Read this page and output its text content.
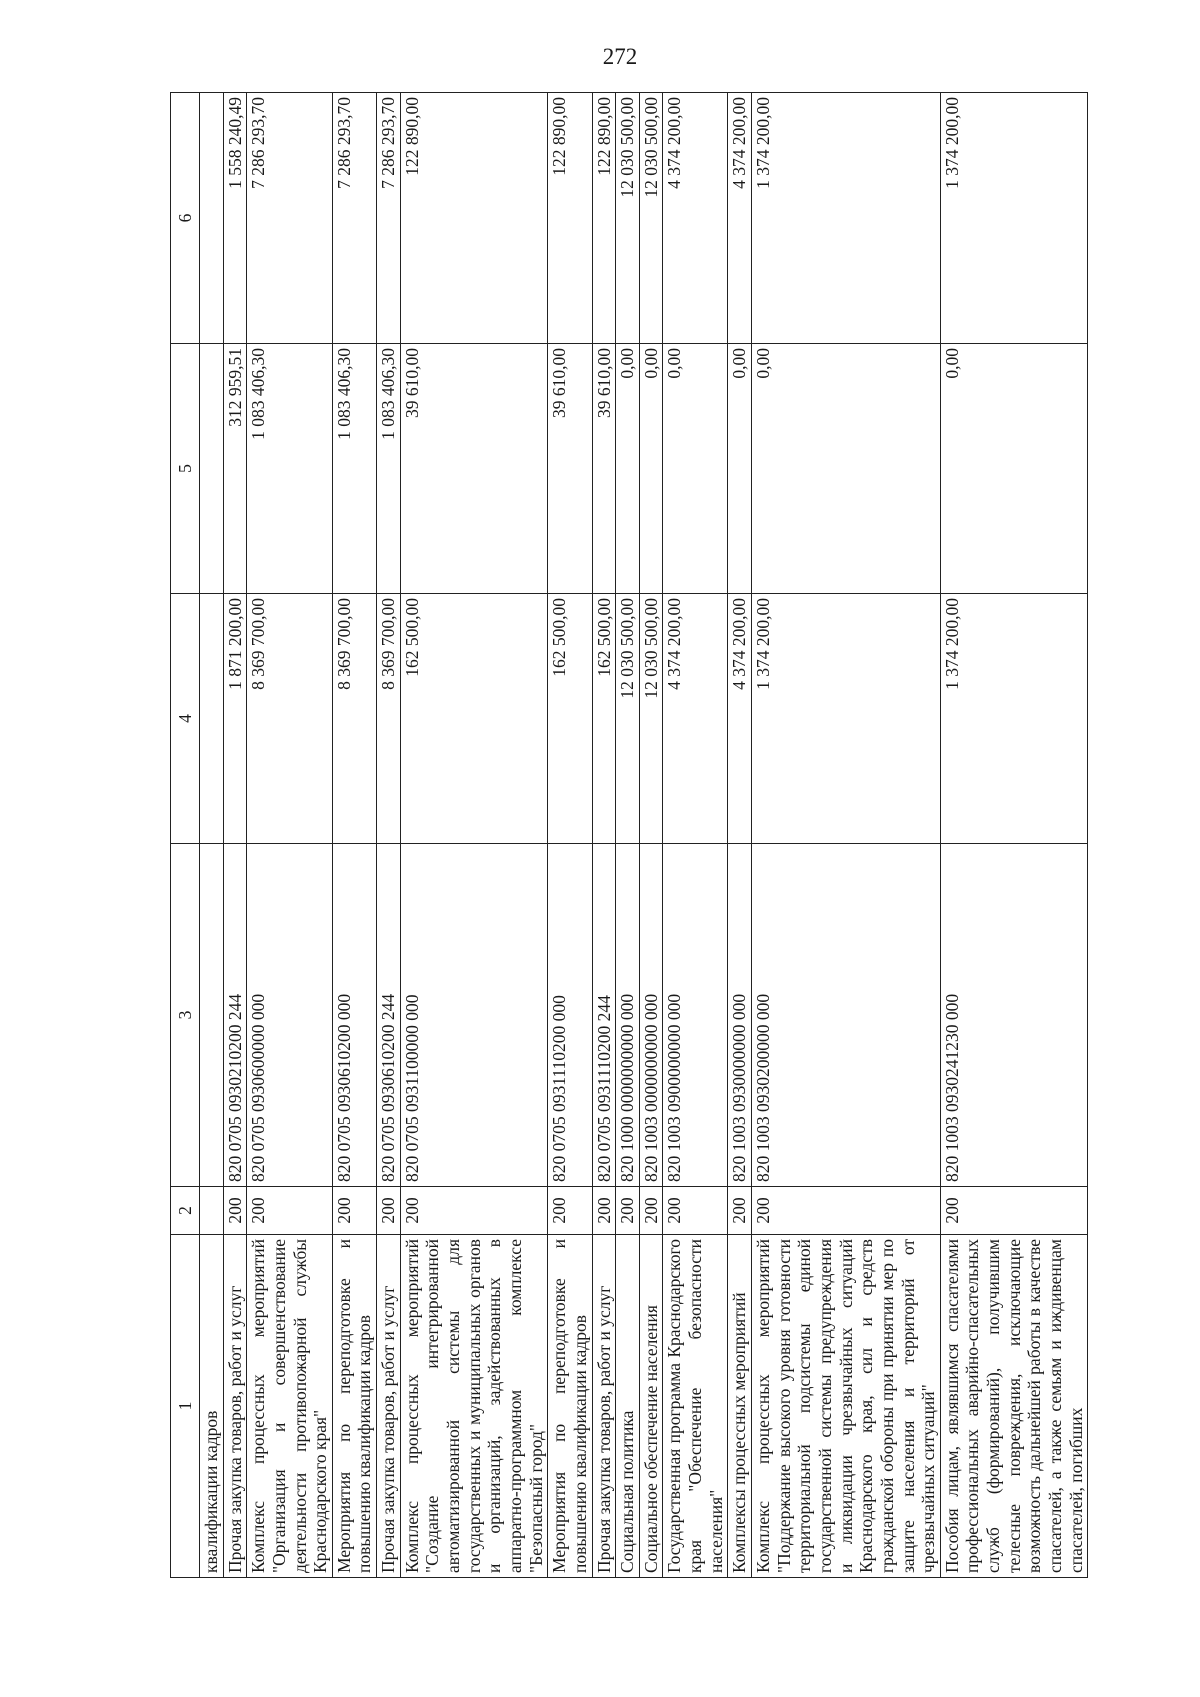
272
1	2	3	4	5	6
квалификации кадров					
Прочая закупка товаров, работ и услуг	200	820 0705 0930210200 244	1 871 200,00	312 959,51	1 558 240,49
Комплекс процессных мероприятий "Организация и совершенствование деятельности противопожарной службы Краснодарского края"	200	820 0705 0930600000 000	8 369 700,00	1 083 406,30	7 286 293,70
Мероприятия по переподготовке и повышению квалификации кадров	200	820 0705 0930610200 000	8 369 700,00	1 083 406,30	7 286 293,70
Прочая закупка товаров, работ и услуг	200	820 0705 0930610200 244	8 369 700,00	1 083 406,30	7 286 293,70
Комплекс процессных мероприятий "Создание интегрированной автоматизированной системы для государственных и муниципальных органов и организаций, задействованных в аппаратно-программном комплексе "Безопасный город"	200	820 0705 0931100000 000	162 500,00	39 610,00	122 890,00
Мероприятия по переподготовке и повышению квалификации кадров	200	820 0705 0931110200 000	162 500,00	39 610,00	122 890,00
Прочая закупка товаров, работ и услуг	200	820 0705 0931110200 244	162 500,00	39 610,00	122 890,00
Социальная политика	200	820 1000 0000000000 000	12 030 500,00	0,00	12 030 500,00
Социальное обеспечение населения	200	820 1003 0000000000 000	12 030 500,00	0,00	12 030 500,00
Государственная программа Краснодарского края "Обеспечение безопасности населения"	200	820 1003 0900000000 000	4 374 200,00	0,00	4 374 200,00
Комплексы процессных мероприятий	200	820 1003 0930000000 000	4 374 200,00	0,00	4 374 200,00
Комплекс процессных мероприятий "Поддержание высокого уровня готовности территориальной подсистемы единой государственной системы предупреждения и ликвидации чрезвычайных ситуаций Краснодарского края, сил и средств гражданской обороны при принятии мер по защите населения и территорий от чрезвычайных ситуаций"	200	820 1003 0930200000 000	1 374 200,00	0,00	1 374 200,00
Пособия лицам, являвшимся спасателями профессиональных аварийно-спасательных служб (формирований), получившим телесные повреждения, исключающие возможность дальнейшей работы в качестве спасателей, а также семьям и иждивенцам спасателей, погибших	200	820 1003 0930241230 000	1 374 200,00	0,00	1 374 200,00
